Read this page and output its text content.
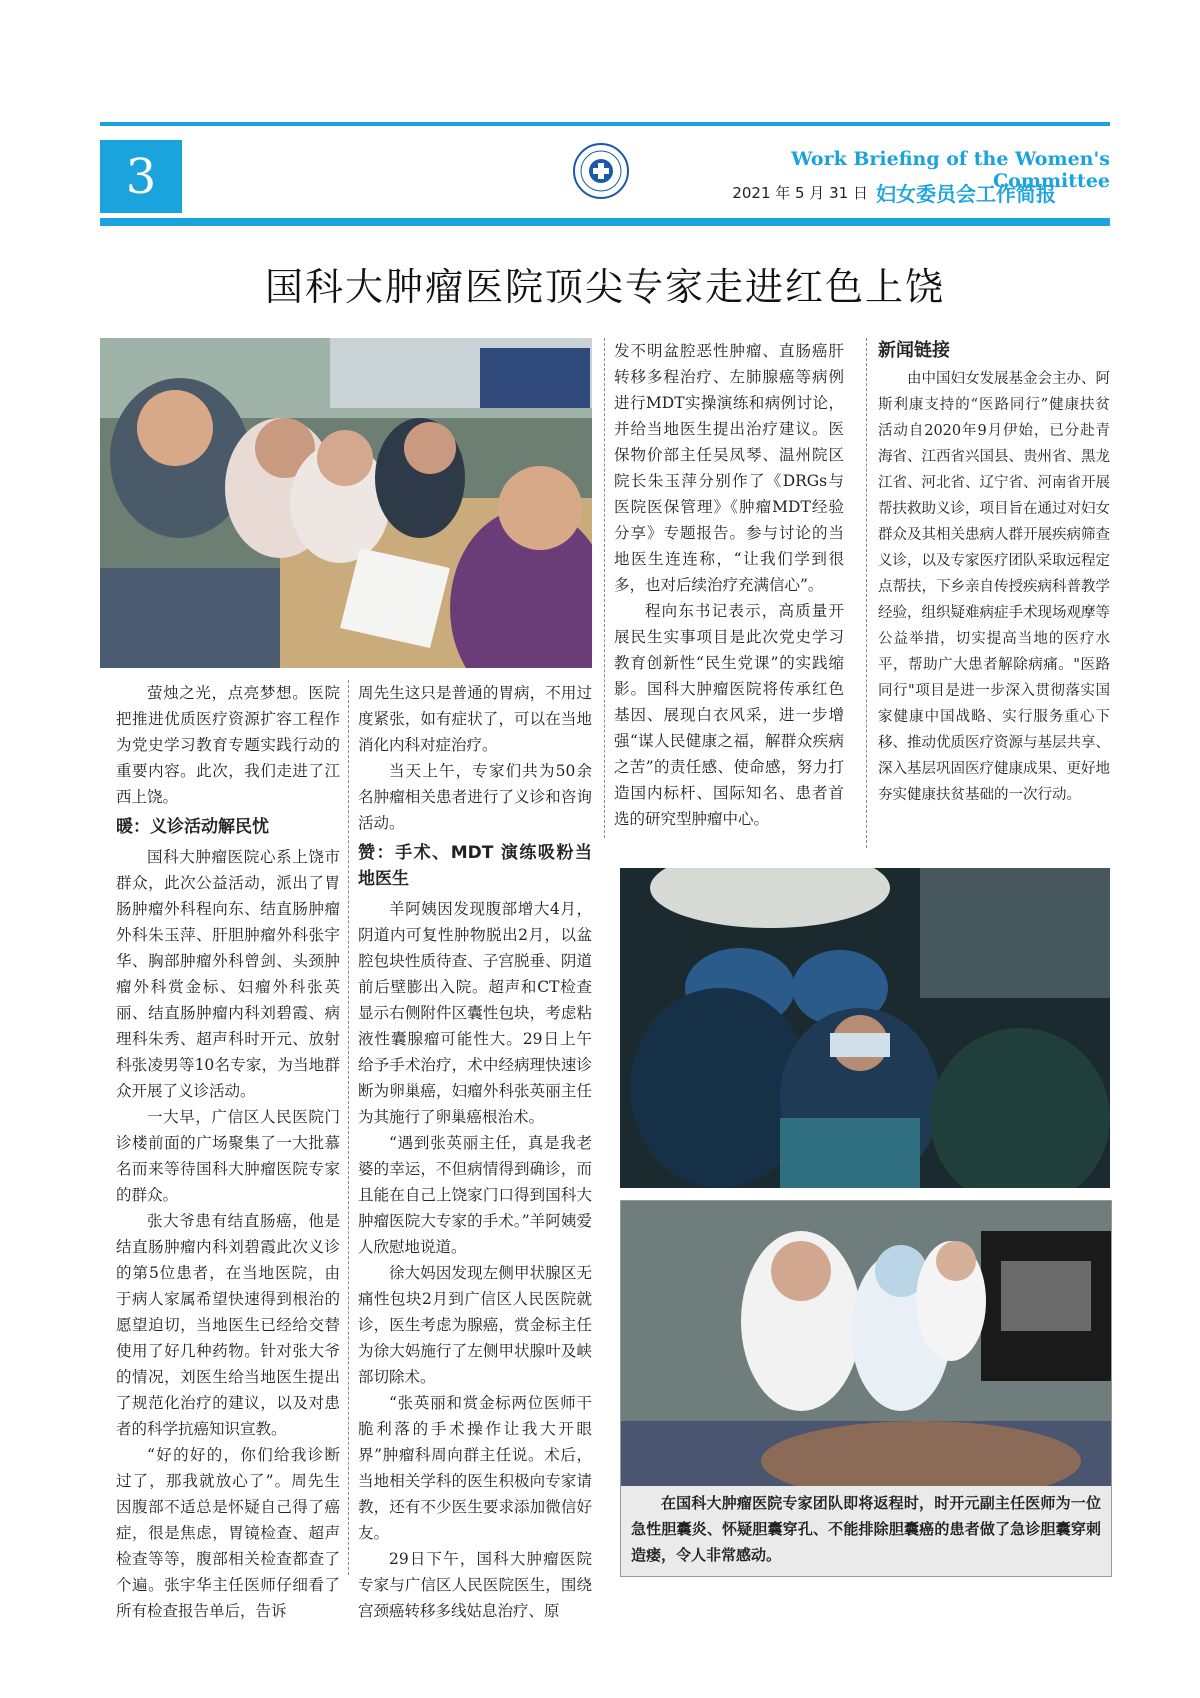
3	Work Briefing of the Women's Committee
2021 年 5 月 31 日 妇女委员会工作简报
国科大肿瘤医院顶尖专家走进红色上饶

萤烛之光，点亮梦想。医院把推进优质医疗资源扩容工程作为党史学习教育专题实践行动的重要内容。此次，我们走进了江西上饶。

暖：义诊活动解民忧

国科大肿瘤医院心系上饶市群众，此次公益活动，派出了胃肠肿瘤外科程向东、结直肠肿瘤外科朱玉萍、肝胆肿瘤外科张宇华、胸部肿瘤外科曾剑、头颈肿瘤外科赏金标、妇瘤外科张英丽、结直肠肿瘤内科刘碧霞、病理科朱秀、超声科时开元、放射科张凌男等10名专家，为当地群众开展了义诊活动。

一大早，广信区人民医院门诊楼前面的广场聚集了一大批慕名而来等待国科大肿瘤医院专家的群众。

张大爷患有结直肠癌，他是结直肠肿瘤内科刘碧霞此次义诊的第5位患者，在当地医院，由于病人家属希望快速得到根治的愿望迫切，当地医生已经给交替使用了好几种药物。针对张大爷的情况，刘医生给当地医生提出了规范化治疗的建议，以及对患者的科学抗癌知识宣教。

“好的好的，你们给我诊断过了，那我就放心了”。周先生因腹部不适总是怀疑自己得了癌症，很是焦虑，胃镜检查、超声检查等等，腹部相关检查都查了个遍。张宇华主任医师仔细看了所有检查报告单后，告诉

周先生这只是普通的胃病，不用过度紧张，如有症状了，可以在当地消化内科对症治疗。

当天上午，专家们共为50余名肿瘤相关患者进行了义诊和咨询活动。

赞：手术、MDT 演练吸粉当地医生

羊阿姨因发现腹部增大4月，阴道内可复性肿物脱出2月，以盆腔包块性质待查、子宫脱垂、阴道前后壁膨出入院。超声和CT检查显示右侧附件区囊性包块，考虑粘液性囊腺瘤可能性大。29日上午给予手术治疗，术中经病理快速诊断为卵巢癌，妇瘤外科张英丽主任为其施行了卵巢癌根治术。

“遇到张英丽主任，真是我老婆的幸运，不但病情得到确诊，而且能在自己上饶家门口得到国科大肿瘤医院大专家的手术。”羊阿姨爱人欣慰地说道。

徐大妈因发现左侧甲状腺区无痛性包块2月到广信区人民医院就诊，医生考虑为腺癌，赏金标主任为徐大妈施行了左侧甲状腺叶及峡部切除术。

“张英丽和赏金标两位医师干脆利落的手术操作让我大开眼界”肿瘤科周向群主任说。术后，当地相关学科的医生积极向专家请教，还有不少医生要求添加微信好友。

29日下午，国科大肿瘤医院专家与广信区人民医院医生，围绕宫颈癌转移多线姑息治疗、原

发不明盆腔恶性肿瘤、直肠癌肝转移多程治疗、左肺腺癌等病例进行MDT实操演练和病例讨论，并给当地医生提出治疗建议。医保物价部主任吴凤琴、温州院区院长朱玉萍分别作了《DRGs与医院医保管理》《肿瘤MDT经验分享》专题报告。参与讨论的当地医生连连称，“让我们学到很多，也对后续治疗充满信心”。

程向东书记表示，高质量开展民生实事项目是此次党史学习教育创新性“民生党课”的实践缩影。国科大肿瘤医院将传承红色基因、展现白衣风采，进一步增强“谋人民健康之福，解群众疾病之苦”的责任感、使命感，努力打造国内标杆、国际知名、患者首选的研究型肿瘤中心。

新闻链接

由中国妇女发展基金会主办、阿斯利康支持的“医路同行”健康扶贫活动自2020年9月伊始，已分赴青海省、江西省兴国县、贵州省、黑龙江省、河北省、辽宁省、河南省开展帮扶救助义诊，项目旨在通过对妇女群众及其相关患病人群开展疾病筛查义诊，以及专家医疗团队采取远程定点帮扶，下乡亲自传授疾病科普教学经验，组织疑难病症手术现场观摩等公益举措，切实提高当地的医疗水平，帮助广大患者解除病痛。"医路同行"项目是进一步深入贯彻落实国家健康中国战略、实行服务重心下移、推动优质医疗资源与基层共享、深入基层巩固医疗健康成果、更好地夯实健康扶贫基础的一次行动。

在国科大肿瘤医院专家团队即将返程时，时开元副主任医师为一位急性胆囊炎、怀疑胆囊穿孔、不能排除胆囊癌的患者做了急诊胆囊穿刺造瘘，令人非常感动。
